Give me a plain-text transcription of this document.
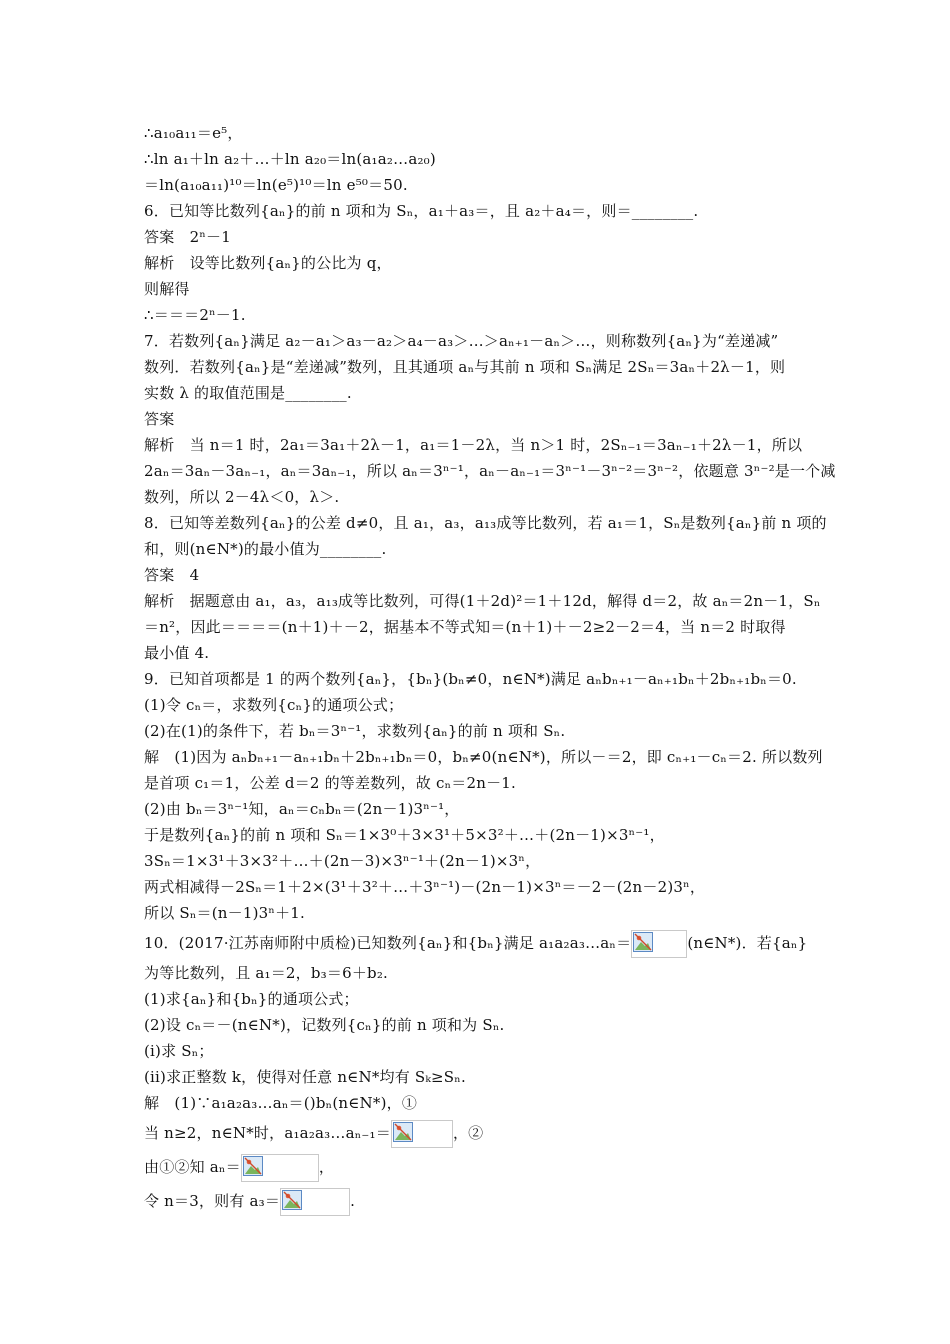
∴a₁₀a₁₁＝e⁵，
∴ln a₁＋ln a₂＋…＋ln a₂₀＝ln(a₁a₂…a₂₀)
＝ln(a₁₀a₁₁)¹⁰＝ln(e⁵)¹⁰＝ln e⁵⁰＝50.
6．已知等比数列{aₙ}的前 n 项和为 Sₙ，a₁＋a₃＝，且 a₂＋a₄＝，则＝________.
答案　2ⁿ－1
解析　设等比数列{aₙ}的公比为 q，
则解得
∴＝＝＝2ⁿ－1.
7．若数列{aₙ}满足 a₂－a₁＞a₃－a₂＞a₄－a₃＞…＞aₙ₊₁－aₙ＞…，则称数列{aₙ}为“差递减”
数列．若数列{aₙ}是“差递减”数列，且其通项 aₙ与其前 n 项和 Sₙ满足 2Sₙ＝3aₙ＋2λ－1，则
实数 λ 的取值范围是________.
答案
解析　当 n＝1 时，2a₁＝3a₁＋2λ－1，a₁＝1－2λ，当 n＞1 时，2Sₙ₋₁＝3aₙ₋₁＋2λ－1，所以
2aₙ＝3aₙ－3aₙ₋₁，aₙ＝3aₙ₋₁，所以 aₙ＝3ⁿ⁻¹，aₙ－aₙ₋₁＝3ⁿ⁻¹－3ⁿ⁻²＝3ⁿ⁻²，依题意 3ⁿ⁻²是一个减
数列，所以 2－4λ＜0，λ＞.
8．已知等差数列{aₙ}的公差 d≠0，且 a₁，a₃，a₁₃成等比数列，若 a₁＝1，Sₙ是数列{aₙ}前 n 项的
和，则(n∈N*)的最小值为________.
答案　4
解析　据题意由 a₁，a₃，a₁₃成等比数列，可得(1＋2d)²＝1＋12d，解得 d＝2，故 aₙ＝2n－1，Sₙ
＝n²，因此＝＝＝＝(n＋1)＋－2，据基本不等式知＝(n＋1)＋－2≥2－2＝4，当 n＝2 时取得
最小值 4.
9．已知首项都是 1 的两个数列{aₙ}，{bₙ}(bₙ≠0，n∈N*)满足 aₙbₙ₊₁－aₙ₊₁bₙ＋2bₙ₊₁bₙ＝0.
(1)令 cₙ＝，求数列{cₙ}的通项公式；
(2)在(1)的条件下，若 bₙ＝3ⁿ⁻¹，求数列{aₙ}的前 n 项和 Sₙ.
解　(1)因为 aₙbₙ₊₁－aₙ₊₁bₙ＋2bₙ₊₁bₙ＝0，bₙ≠0(n∈N*)，所以－＝2，即 cₙ₊₁－cₙ＝2. 所以数列
是首项 c₁＝1，公差 d＝2 的等差数列，故 cₙ＝2n－1.
(2)由 bₙ＝3ⁿ⁻¹知，aₙ＝cₙbₙ＝(2n－1)3ⁿ⁻¹，
于是数列{aₙ}的前 n 项和 Sₙ＝1×3⁰＋3×3¹＋5×3²＋…＋(2n－1)×3ⁿ⁻¹，
3Sₙ＝1×3¹＋3×3²＋…＋(2n－3)×3ⁿ⁻¹＋(2n－1)×3ⁿ，
两式相减得－2Sₙ＝1＋2×(3¹＋3²＋…＋3ⁿ⁻¹)－(2n－1)×3ⁿ＝－2－(2n－2)3ⁿ，
所以 Sₙ＝(n－1)3ⁿ＋1.
10．(2017·江苏南师附中质检)已知数列{aₙ}和{bₙ}满足 a₁a₂a₃…aₙ＝	(n∈N*)．若{aₙ}
为等比数列，且 a₁＝2，b₃＝6＋b₂.
(1)求{aₙ}和{bₙ}的通项公式；
(2)设 cₙ＝－(n∈N*)，记数列{cₙ}的前 n 项和为 Sₙ.
(i)求 Sₙ；
(ii)求正整数 k，使得对任意 n∈N*均有 Sₖ≥Sₙ.
解　(1)∵a₁a₂a₃…aₙ＝()bₙ(n∈N*)，①
当 n≥2，n∈N*时，a₁a₂a₃…aₙ₋₁＝	，②
由①②知 aₙ＝	，
令 n＝3，则有 a₃＝	.
